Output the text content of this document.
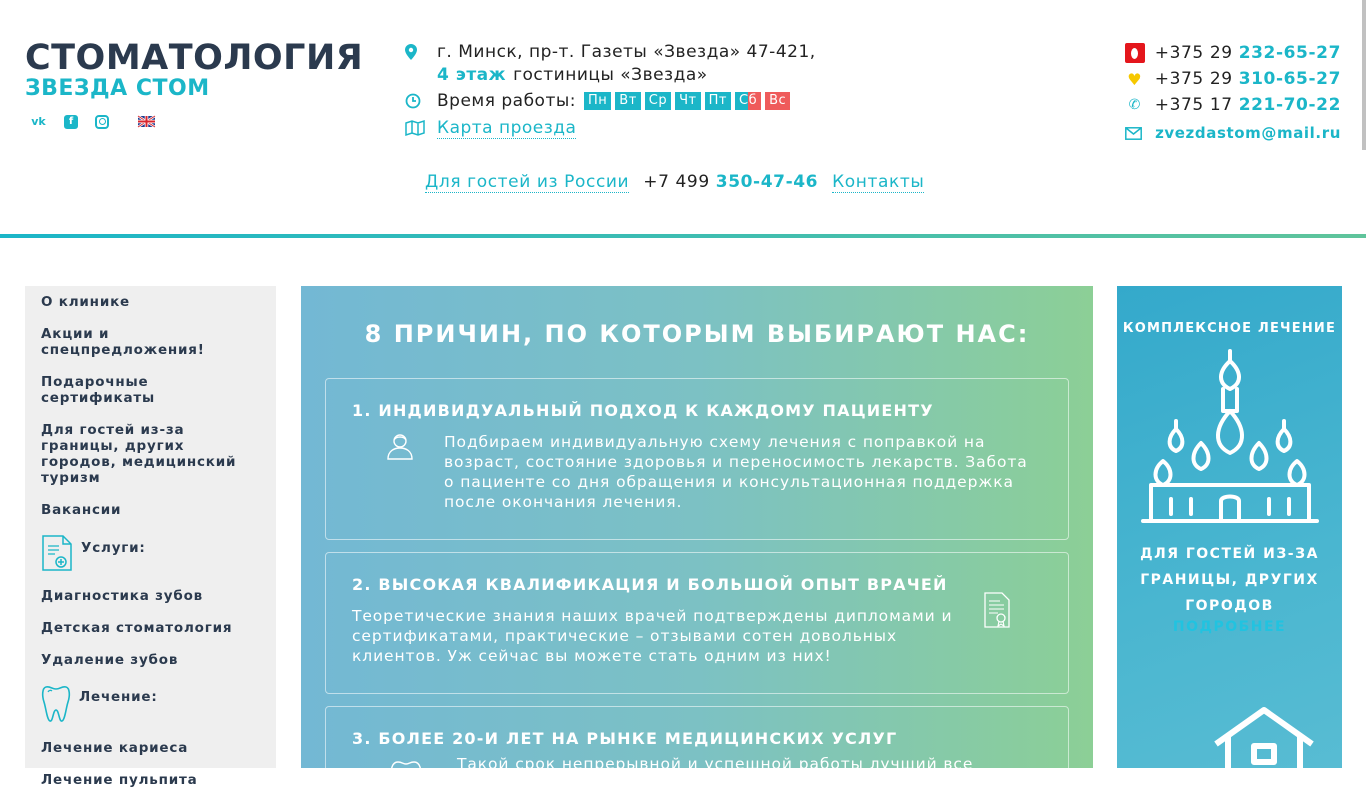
СТОМАТОЛОГИЯ
ЗВЕЗДА СТОМ
vk	f
г. Минск, пр-т. Газеты «Звезда» 47-421,
4 этаж гостиницы «Звезда»
Время работы: Пн Вт Ср Чт Пт Сб Вс
Карта проезда
Для гостей из России +7 499 350-47-46 Контакты
+375 29
232-65-27
♥ +375 29
310-65-27
✆ +375 17
221-70-22
zvezdastom@mail.ru
О клинике
Акции и спецпредложения!
Подарочные сертификаты
Для гостей из-за границы, других городов, медицинский туризм
Вакансии
Услуги:
Диагностика зубов
Детская стоматология
Удаление зубов
Лечение:
Лечение кариеса
Лечение пульпита
8 ПРИЧИН, ПО КОТОРЫМ ВЫБИРАЮТ НАС:
1. ИНДИВИДУАЛЬНЫЙ ПОДХОД К КАЖДОМУ ПАЦИЕНТУ

Подбираем индивидуальную схему лечения с поправкой на возраст, состояние здоровья и переносимость лекарств. Забота о пациенте со дня обращения и консультационная поддержка после окончания лечения.

2. ВЫСОКАЯ КВАЛИФИКАЦИЯ И БОЛЬШОЙ ОПЫТ ВРАЧЕЙ

Теоретические знания наших врачей подтверждены дипломами и сертификатами, практические – отзывами сотен довольных клиентов. Уж сейчас вы можете стать одним из них!

3. БОЛЕЕ 20-И ЛЕТ НА РЫНКЕ МЕДИЦИНСКИХ УСЛУГ

Такой срок непрерывной и успешной работы лучший все

КОМПЛЕКСНОЕ ЛЕЧЕНИЕ
ДЛЯ ГОСТЕЙ ИЗ-ЗА ГРАНИЦЫ, ДРУГИХ ГОРОДОВ
ПОДРОБНЕЕ
